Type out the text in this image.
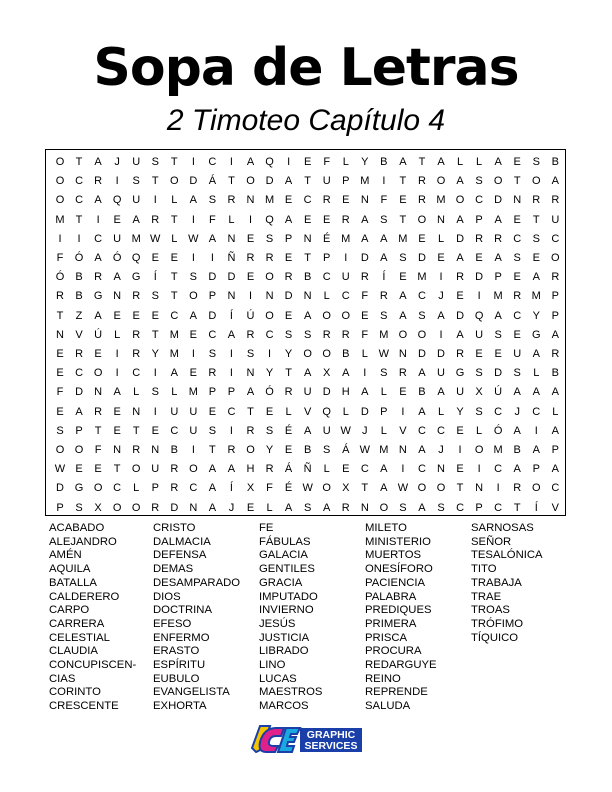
Sopa de Letras
2 Timoteo Capítulo 4
O	T	A	J	U	S	T	I	C	I	A	Q	I	E	F	L	Y	B	A	T	A	L	L	A	E	S	B
O C	R	I	S	T	O D	Á	T	O D	A	T	U	P M	I	T	R O	A	S	O	T	O	A
O C	A	Q U	I	L	A	S	R	N M E	C	R	E	N	F	E	R M O C	D	N	R	R
M	T	I	E	A	R	T	I	F	L	I	Q	A	E	E	R	A	S	T	O N	A	P	A	E	T	U
I	I	C	U M W L W A	N	E	S	P	N	É M A	A M E	L	D	R	R	C	S	C
F	Ó	A	Ó Q	E	E	I	I	Ñ	R	R	E	T	P	I	D	A	S	D	E	A	E	A	S	E	O
Ó	B	R	A	G	Í	T	S	D	D	E	O R	B	C	U	R	Í	E M	I	R	D	P	E	A	R
R	B	G N	R	S	T	O	P	N	I	N	D	N	L	C	F	R	A	C	J	E	I	M R M P
T	Z	A	E	E	E	C	A	D	Í	Ú O	E	A	O O	E	S	A	S	A	D Q	A	C	Y	P
N	V	Ú	L	R	T	M E	C	A	R	C	S	S	R	R	F	M O O	I	A	U	S	E	G	A
E	R	E	I	R	Y M	I	S	I	S	I	Y	O O	B	L W N	D	D	R	E	E	U	A	R
E	C O	I	C	I	A	E	R	I	N	Y	T	A	X	A	I	S	R	A	U G	S	D	S	L	B
F	D	N	A	L	S	L	M P	P	A	Ó R	U	D	H	A	L	E	B	A	U	X	Ú	A	A	A
E	A	R	E	N	I	U	U	E	C	T	E	L	V	Q	L	D	P	I	A	L	Y	S	C	J	C	L
S	P	T	E	T	E	C	U	S	I	R	S	É	A	U W	J	L	V	C	C	E	L	Ó	A	I	A
O O	F	N	R	N	B	I	T	R O	Y	E	B	S	Á W M N	A	J	I	O M B	A	P
W E	E	T	O U	R O	A	A	H	R	Á	Ñ	L	E	C	A	I	C	N	E	I	C	A	P	A
D G O C	L	P	R	C	A	Í	X	F	É W O	X	T	A W O O	T	N	I	R O C
P	S	X	O O R	D	N	A	J	E	L	A	S	A	R	N O	S	A	S	C	P	C	T	Í	V
ACABADO
ALEJANDRO
AMÉN
AQUILA
BATALLA
CALDERERO
CARPO
CARRERA
CELESTIAL
CLAUDIA
CONCUPISCEN-
CIAS
CORINTO
CRESCENTE
CRISTO
DALMACIA
DEFENSA
DEMAS
DESAMPARADO
DIOS
DOCTRINA
EFESO
ENFERMO
ERASTO
ESPÍRITU
EUBULO
EVANGELISTA
EXHORTA
FE
FÁBULAS
GALACIA
GENTILES
GRACIA
IMPUTADO
INVIERNO
JESÚS
JUSTICIA
LIBRADO
LINO
LUCAS
MAESTROS
MARCOS
MILETO
MINISTERIO
MUERTOS
ONESÍFORO
PACIENCIA
PALABRA
PREDIQUES
PRIMERA
PRISCA
PROCURA
REDARGUYE
REINO
REPRENDE
SALUDA
SARNOSAS
SEÑOR
TESALÓNICA
TITO
TRABAJA
TRAE
TROAS
TRÓFIMO
TÍQUICO
GRAPHIC
SERVICES
